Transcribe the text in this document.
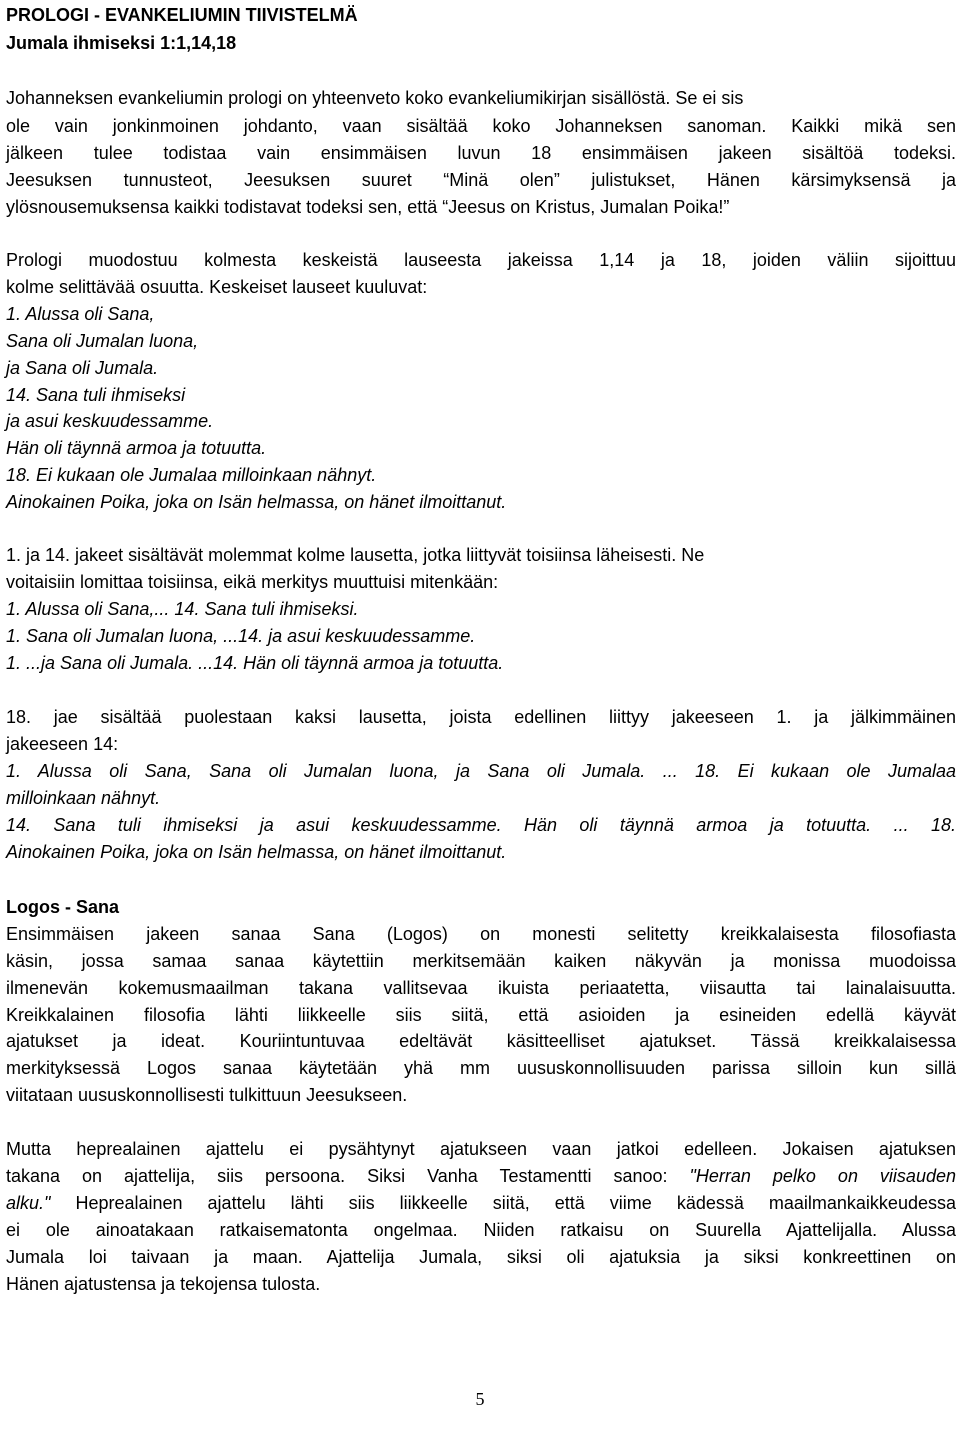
PROLOGI - EVANKELIUMIN TIIVISTELMÄ
Jumala ihmiseksi 1:1,14,18
Johanneksen evankeliumin prologi on yhteenveto koko evankeliumikirjan sisällöstä. Se ei sis
ole vain jonkinmoinen johdanto, vaan sisältää koko Johanneksen sanoman. Kaikki mikä sen
jälkeen tulee todistaa vain ensimmäisen luvun 18 ensimmäisen jakeen sisältöä todeksi.
Jeesuksen tunnusteot, Jeesuksen suuret “Minä olen” julistukset, Hänen kärsimyksensä ja
ylösnousemuksensa kaikki todistavat todeksi sen, että “Jeesus on Kristus, Jumalan Poika!”
Prologi muodostuu kolmesta keskeistä lauseesta jakeissa 1,14 ja 18, joiden väliin sijoittuu
kolme selittävää osuutta. Keskeiset lauseet kuuluvat:
1. Alussa oli Sana,
Sana oli Jumalan luona,
ja Sana oli Jumala.
14. Sana tuli ihmiseksi
ja asui keskuudessamme.
Hän oli täynnä armoa ja totuutta.
18. Ei kukaan ole Jumalaa milloinkaan nähnyt.
Ainokainen Poika, joka on Isän helmassa, on hänet ilmoittanut.
1. ja 14. jakeet sisältävät molemmat kolme lausetta, jotka liittyvät toisiinsa läheisesti. Ne
voitaisiin lomittaa toisiinsa, eikä merkitys muuttuisi mitenkään:
1. Alussa oli Sana,... 14. Sana tuli ihmiseksi.
1. Sana oli Jumalan luona, ...14. ja asui keskuudessamme.
1. ...ja Sana oli Jumala. ...14. Hän oli täynnä armoa ja totuutta.
18. jae sisältää puolestaan kaksi lausetta, joista edellinen liittyy jakeeseen 1. ja jälkimmäinen
jakeeseen 14:
1. Alussa oli Sana, Sana oli Jumalan luona, ja Sana oli Jumala. ... 18. Ei kukaan ole Jumalaa
milloinkaan nähnyt.
14. Sana tuli ihmiseksi ja asui keskuudessamme. Hän oli täynnä armoa ja totuutta. ... 18.
Ainokainen Poika, joka on Isän helmassa, on hänet ilmoittanut.
Logos - Sana
Ensimmäisen jakeen sanaa Sana (Logos) on monesti selitetty kreikkalaisesta filosofiasta
käsin, jossa samaa sanaa käytettiin merkitsemään kaiken näkyvän ja monissa muodoissa
ilmenevän kokemusmaailman takana vallitsevaa ikuista periaatetta, viisautta tai lainalaisuutta.
Kreikkalainen filosofia lähti liikkeelle siis siitä, että asioiden ja esineiden edellä käyvät
ajatukset ja ideat. Kouriintuntuvaa edeltävät käsitteelliset ajatukset. Tässä kreikkalaisessa
merkityksessä Logos sanaa käytetään yhä mm uususkonnollisuuden parissa silloin kun sillä
viitataan uususkonnollisesti tulkittuun Jeesukseen.
Mutta heprealainen ajattelu ei pysähtynyt ajatukseen vaan jatkoi edelleen. Jokaisen ajatuksen
takana on ajattelija, siis persoona. Siksi Vanha Testamentti sanoo: "Herran pelko on viisauden
alku." Heprealainen ajattelu lähti siis liikkeelle siitä, että viime kädessä maailmankaikkeudessa
ei ole ainoatakaan ratkaisematonta ongelmaa. Niiden ratkaisu on Suurella Ajattelijalla. Alussa
Jumala loi taivaan ja maan. Ajattelija Jumala, siksi oli ajatuksia ja siksi konkreettinen on
Hänen ajatustensa ja tekojensa tulosta.
5
